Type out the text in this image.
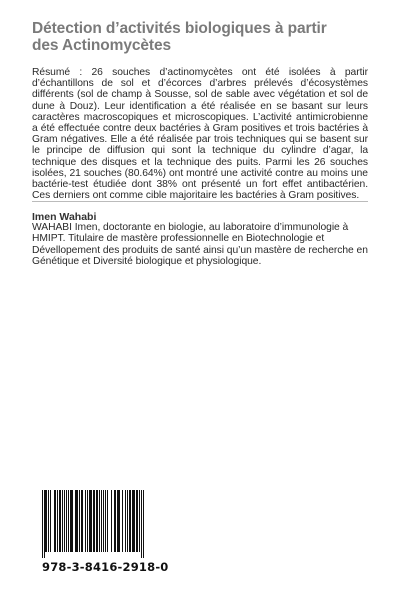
Détection d’activités biologiques à partir des Actinomycètes

Résumé : 26 souches d’actinomycètes ont été isolées à partir d’échantillons de sol et d’écorces d’arbres prélevés d’écosystèmes différents (sol de champ à Sousse, sol de sable avec végétation et sol de dune à Douz). Leur identification a été réalisée en se basant sur leurs caractères macroscopiques et microscopiques. L’activité antimicrobienne a été effectuée contre deux bactéries à Gram positives et trois bactéries à Gram négatives. Elle a été réalisée par trois techniques qui se basent sur le principe de diffusion qui sont la technique du cylindre d’agar, la technique des disques et la technique des puits. Parmi les 26 souches isolées, 21 souches (80.64%) ont montré une activité contre au moins une bactérie-test étudiée dont 38% ont présenté un fort effet antibactérien. Ces derniers ont comme cible majoritaire les bactéries à Gram positives.

Imen Wahabi

WAHABI Imen, doctorante en biologie, au laboratoire d’immunologie à HMIPT. Titulaire de mastère professionnelle en Biotechnologie et Dévellopement des produits de santé ainsi qu’un mastère de recherche en Génétique et Diversité biologique et physiologique.

978-3-8416-2918-0
